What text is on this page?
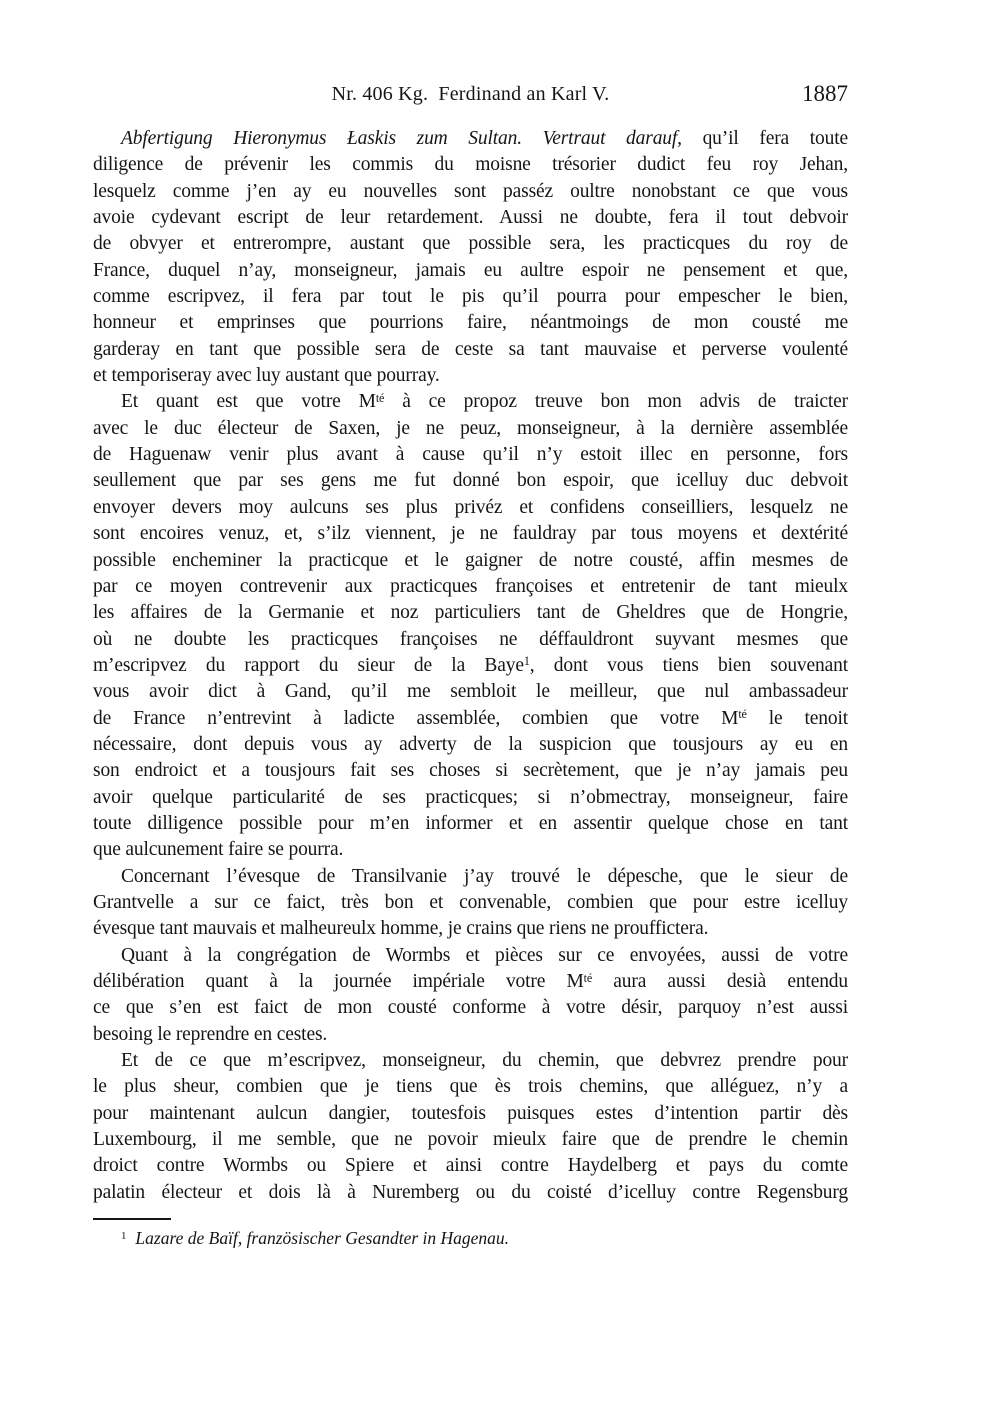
Nr. 406 Kg. Ferdinand an Karl V.	1887
Abfertigung Hieronymus Łaskis zum Sultan. Vertraut darauf, qu’il fera toute
diligence de prévenir les commis du moisne trésorier dudict feu roy Jehan,
lesquelz comme j’en ay eu nouvelles sont passéz oultre nonobstant ce que vous
avoie cydevant escript de leur retardement. Aussi ne doubte, fera il tout debvoir
de obvyer et entrerompre, austant que possible sera, les practicques du roy de
France, duquel n’ay, monseigneur, jamais eu aultre espoir ne pensement et que,
comme escripvez, il fera par tout le pis qu’il pourra pour empescher le bien,
honneur et emprinses que pourrions faire, néantmoings de mon cousté me
garderay en tant que possible sera de ceste sa tant mauvaise et perverse voulenté
et temporiseray avec luy austant que pourray.
Et quant est que votre $M^{té}$ à ce propoz treuve bon mon advis de traicter
avec le duc électeur de Saxen, je ne peuz, monseigneur, à la dernière assemblée
de Haguenaw venir plus avant à cause qu’il n’y estoit illec en personne, fors
seullement que par ses gens me fut donné bon espoir, que icelluy duc debvoit
envoyer devers moy aulcuns ses plus privéz et confidens conseilliers, lesquelz ne
sont encoires venuz, et, s’ilz viennent, je ne fauldray par tous moyens et dextérité
possible encheminer la practicque et le gaigner de notre cousté, affin mesmes de
par ce moyen contrevenir aux practicques françoises et entretenir de tant mieulx
les affaires de la Germanie et noz particuliers tant de Gheldres que de Hongrie,
où ne doubte les practicques françoises ne déffauldront suyvant mesmes que
m’escripvez du rapport du sieur de la Baye$^1$, dont vous tiens bien souvenant
vous avoir dict à Gand, qu’il me sembloit le meilleur, que nul ambassadeur
de France n’entrevint à ladicte assemblée, combien que votre $M^{té}$ le tenoit
nécessaire, dont depuis vous ay adverty de la suspicion que tousjours ay eu en
son endroict et a tousjours fait ses choses si secrètement, que je n’ay jamais peu
avoir quelque particularité de ses practicques; si n’obmectray, monseigneur, faire
toute dilligence possible pour m’en informer et en assentir quelque chose en tant
que aulcunement faire se pourra.
Concernant l’évesque de Transilvanie j’ay trouvé le dépesche, que le sieur de
Grantvelle a sur ce faict, très bon et convenable, combien que pour estre icelluy
évesque tant mauvais et malheureulx homme, je crains que riens ne prouffictera.
Quant à la congrégation de Wormbs et pièces sur ce envoyées, aussi de votre
délibération quant à la journée impériale votre $M^{té}$ aura aussi desià entendu
ce que s’en est faict de mon cousté conforme à votre désir, parquoy n’est aussi
besoing le reprendre en cestes.
Et de ce que m’escripvez, monseigneur, du chemin, que debvrez prendre pour
le plus sheur, combien que je tiens que ès trois chemins, que alléguez, n’y a
pour maintenant aulcun dangier, toutesfois puisques estes d’intention partir dès
Luxembourg, il me semble, que ne povoir mieulx faire que de prendre le chemin
droict contre Wormbs ou Spiere et ainsi contre Haydelberg et pays du comte
palatin électeur et dois là à Nuremberg ou du coisté d’icelluy contre Regensburg
$^1$ Lazare de Baïf, französischer Gesandter in Hagenau.
